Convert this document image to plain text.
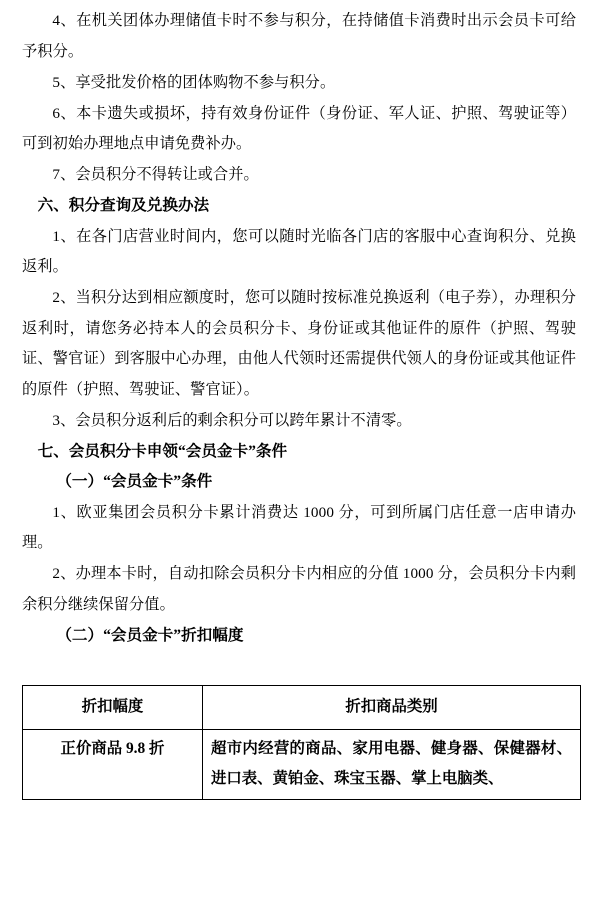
4、在机关团体办理储值卡时不参与积分，在持储值卡消费时出示会员卡可给予积分。

5、享受批发价格的团体购物不参与积分。

6、本卡遗失或损坏，持有效身份证件（身份证、军人证、护照、驾驶证等）可到初始办理地点申请免费补办。

7、会员积分不得转让或合并。

六、积分查询及兑换办法

1、在各门店营业时间内，您可以随时光临各门店的客服中心查询积分、兑换返利。

2、当积分达到相应额度时，您可以随时按标准兑换返利（电子券），办理积分返利时，请您务必持本人的会员积分卡、身份证或其他证件的原件（护照、驾驶证、警官证）到客服中心办理，由他人代领时还需提供代领人的身份证或其他证件的原件（护照、驾驶证、警官证）。

3、会员积分返利后的剩余积分可以跨年累计不清零。

七、会员积分卡申领“会员金卡”条件

（一）“会员金卡”条件

1、欧亚集团会员积分卡累计消费达 1000 分，可到所属门店任意一店申请办理。

2、办理本卡时，自动扣除会员积分卡内相应的分值 1000 分，会员积分卡内剩余积分继续保留分值。

（二）“会员金卡”折扣幅度

折扣幅度	折扣商品类别
正价商品 9.8 折	超市内经营的商品、家用电器、健身器、保健器材、进口表、黄铂金、珠宝玉器、掌上电脑类、
